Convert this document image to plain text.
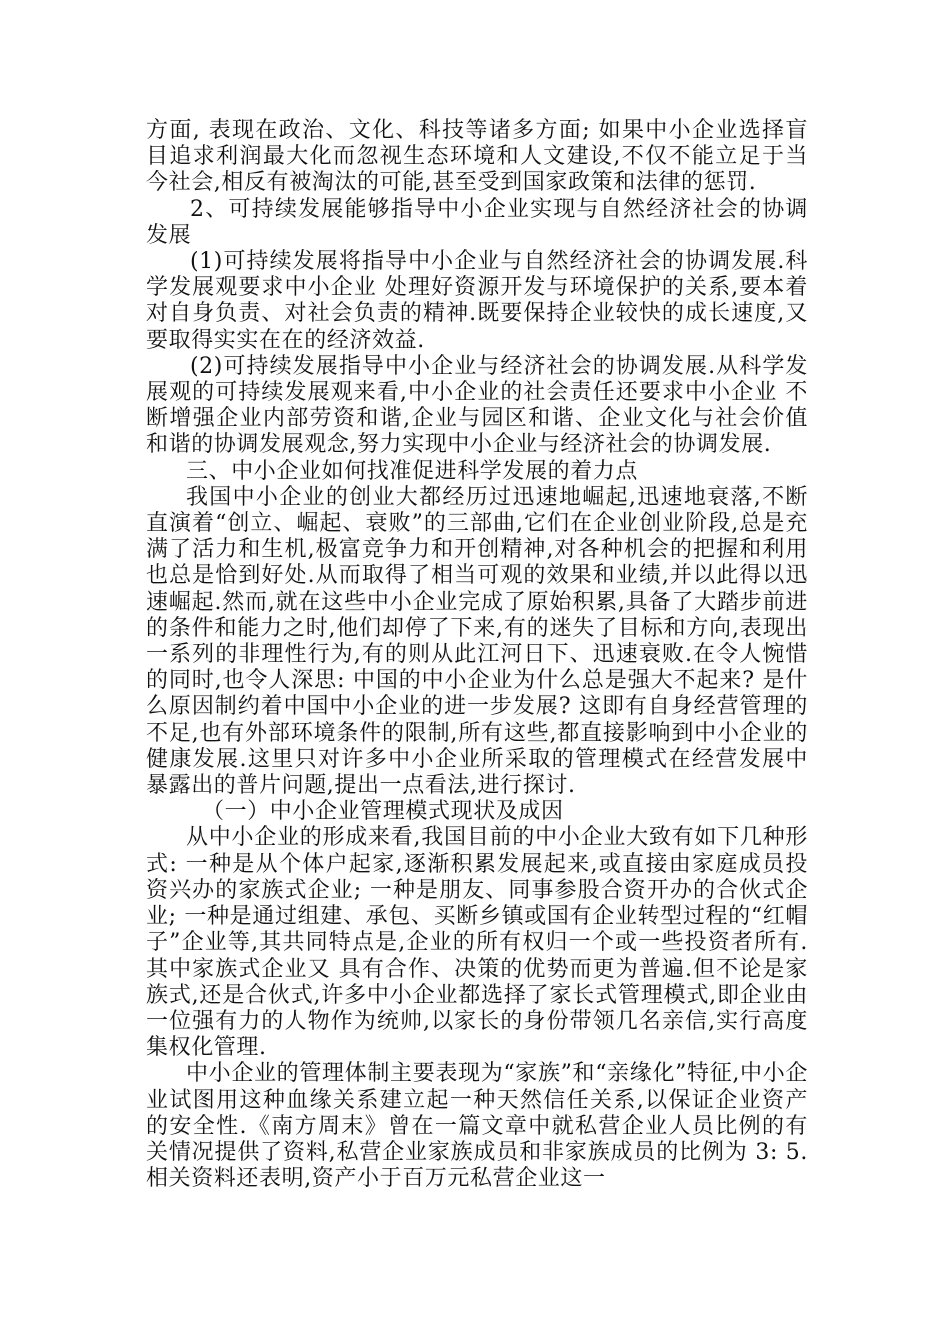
方面, 表现在政治、文化、科技等诸多方面; 如果中小企业选择盲目追求利润最大化而忽视生态环境和人文建设,不仅不能立足于当今社会,相反有被淘汰的可能,甚至受到国家政策和法律的惩罚.

2、可持续发展能够指导中小企业实现与自然经济社会的协调发展

(1)可持续发展将指导中小企业与自然经济社会的协调发展.科学发展观要求中小企业 处理好资源开发与环境保护的关系,要本着对自身负责、对社会负责的精神.既要保持企业较快的成长速度,又要取得实实在在的经济效益.

(2)可持续发展指导中小企业与经济社会的协调发展.从科学发展观的可持续发展观来看,中小企业的社会责任还要求中小企业 不断增强企业内部劳资和谐,企业与园区和谐、企业文化与社会价值和谐的协调发展观念,努力实现中小企业与经济社会的协调发展.

三、中小企业如何找准促进科学发展的着力点

我国中小企业的创业大都经历过迅速地崛起,迅速地衰落,不断直演着“创立、崛起、衰败”的三部曲,它们在企业创业阶段,总是充满了活力和生机,极富竞争力和开创精神,对各种机会的把握和利用也总是恰到好处.从而取得了相当可观的效果和业绩,并以此得以迅速崛起.然而,就在这些中小企业完成了原始积累,具备了大踏步前进的条件和能力之时,他们却停了下来,有的迷失了目标和方向,表现出一系列的非理性行为,有的则从此江河日下、迅速衰败.在令人惋惜的同时,也令人深思: 中国的中小企业为什么总是强大不起来? 是什么原因制约着中国中小企业的进一步发展? 这即有自身经营管理的不足,也有外部环境条件的限制,所有这些,都直接影响到中小企业的健康发展.这里只对许多中小企业所采取的管理模式在经营发展中暴露出的普片问题,提出一点看法,进行探讨.

（一）中小企业管理模式现状及成因

从中小企业的形成来看,我国目前的中小企业大致有如下几种形式: 一种是从个体户起家,逐渐积累发展起来,或直接由家庭成员投资兴办的家族式企业; 一种是朋友、同事参股合资开办的合伙式企业; 一种是通过组建、承包、买断乡镇或国有企业转型过程的“红帽子”企业等,其共同特点是,企业的所有权归一个或一些投资者所有.其中家族式企业又 具有合作、决策的优势而更为普遍.但不论是家族式,还是合伙式,许多中小企业都选择了家长式管理模式,即企业由一位强有力的人物作为统帅,以家长的身份带领几名亲信,实行高度集权化管理.

中小企业的管理体制主要表现为“家族”和“亲缘化”特征,中小企业试图用这种血缘关系建立起一种天然信任关系,以保证企业资产的安全性.《南方周末》曾在一篇文章中就私营企业人员比例的有关情况提供了资料,私营企业家族成员和非家族成员的比例为 3: 5.相关资料还表明,资产小于百万元私营企业这一
